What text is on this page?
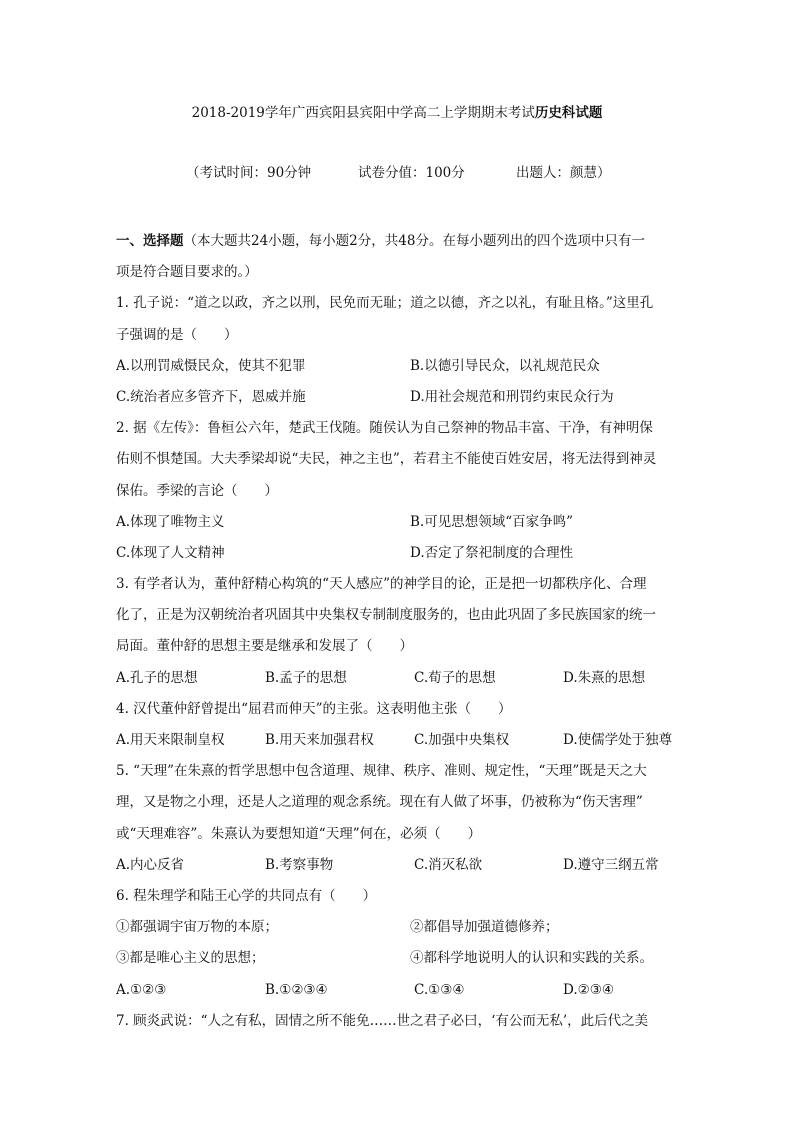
2018-2019学年广西宾阳县宾阳中学高二上学期期末考试历史科试题
（考试时间：90分钟	试卷分值：100分	出题人：颜慧）
一、选择题（本大题共24小题，每小题2分，共48分。在每小题列出的四个选项中只有一
项是符合题目要求的。）
1. 孔子说：“道之以政，齐之以刑，民免而无耻；道之以德，齐之以礼，有耻且格。”这里孔
子强调的是（　　）
A.以刑罚威慑民众，使其不犯罪	B.以德引导民众，以礼规范民众
C.统治者应多管齐下，恩威并施	D.用社会规范和刑罚约束民众行为
2. 据《左传》：鲁桓公六年，楚武王伐随。随侯认为自己祭神的物品丰富、干净，有神明保
佑则不惧楚国。大夫季梁却说“夫民，神之主也”，若君主不能使百姓安居，将无法得到神灵
保佑。季梁的言论（　　）
A.体现了唯物主义	B.可见思想领域“百家争鸣”
C.体现了人文精神	D.否定了祭祀制度的合理性
3. 有学者认为，董仲舒精心构筑的“天人感应”的神学目的论，正是把一切都秩序化、合理
化了，正是为汉朝统治者巩固其中央集权专制制度服务的，也由此巩固了多民族国家的统一
局面。董仲舒的思想主要是继承和发展了（　　）
A.孔子的思想	B.孟子的思想	C.荀子的思想	D.朱熹的思想
4. 汉代董仲舒曾提出“屈君而伸天”的主张。这表明他主张（　　）
A.用天来限制皇权	B.用天来加强君权	C.加强中央集权	D.使儒学处于独尊
5. “天理”在朱熹的哲学思想中包含道理、规律、秩序、准则、规定性，“天理”既是天之大
理，又是物之小理，还是人之道理的观念系统。现在有人做了坏事，仍被称为“伤天害理”
或“天理难容”。朱熹认为要想知道“天理”何在，必须（　　）
A.内心反省	B.考察事物	C.消灭私欲	D.遵守三纲五常
6. 程朱理学和陆王心学的共同点有（　　）
①都强调宇宙万物的本原；	②都倡导加强道德修养；
③都是唯心主义的思想；	④都科学地说明人的认识和实践的关系。
A.①②③	B.①②③④	C.①③④	D.②③④
7. 顾炎武说：“人之有私，固情之所不能免……世之君子必曰，‘有公而无私’，此后代之美
